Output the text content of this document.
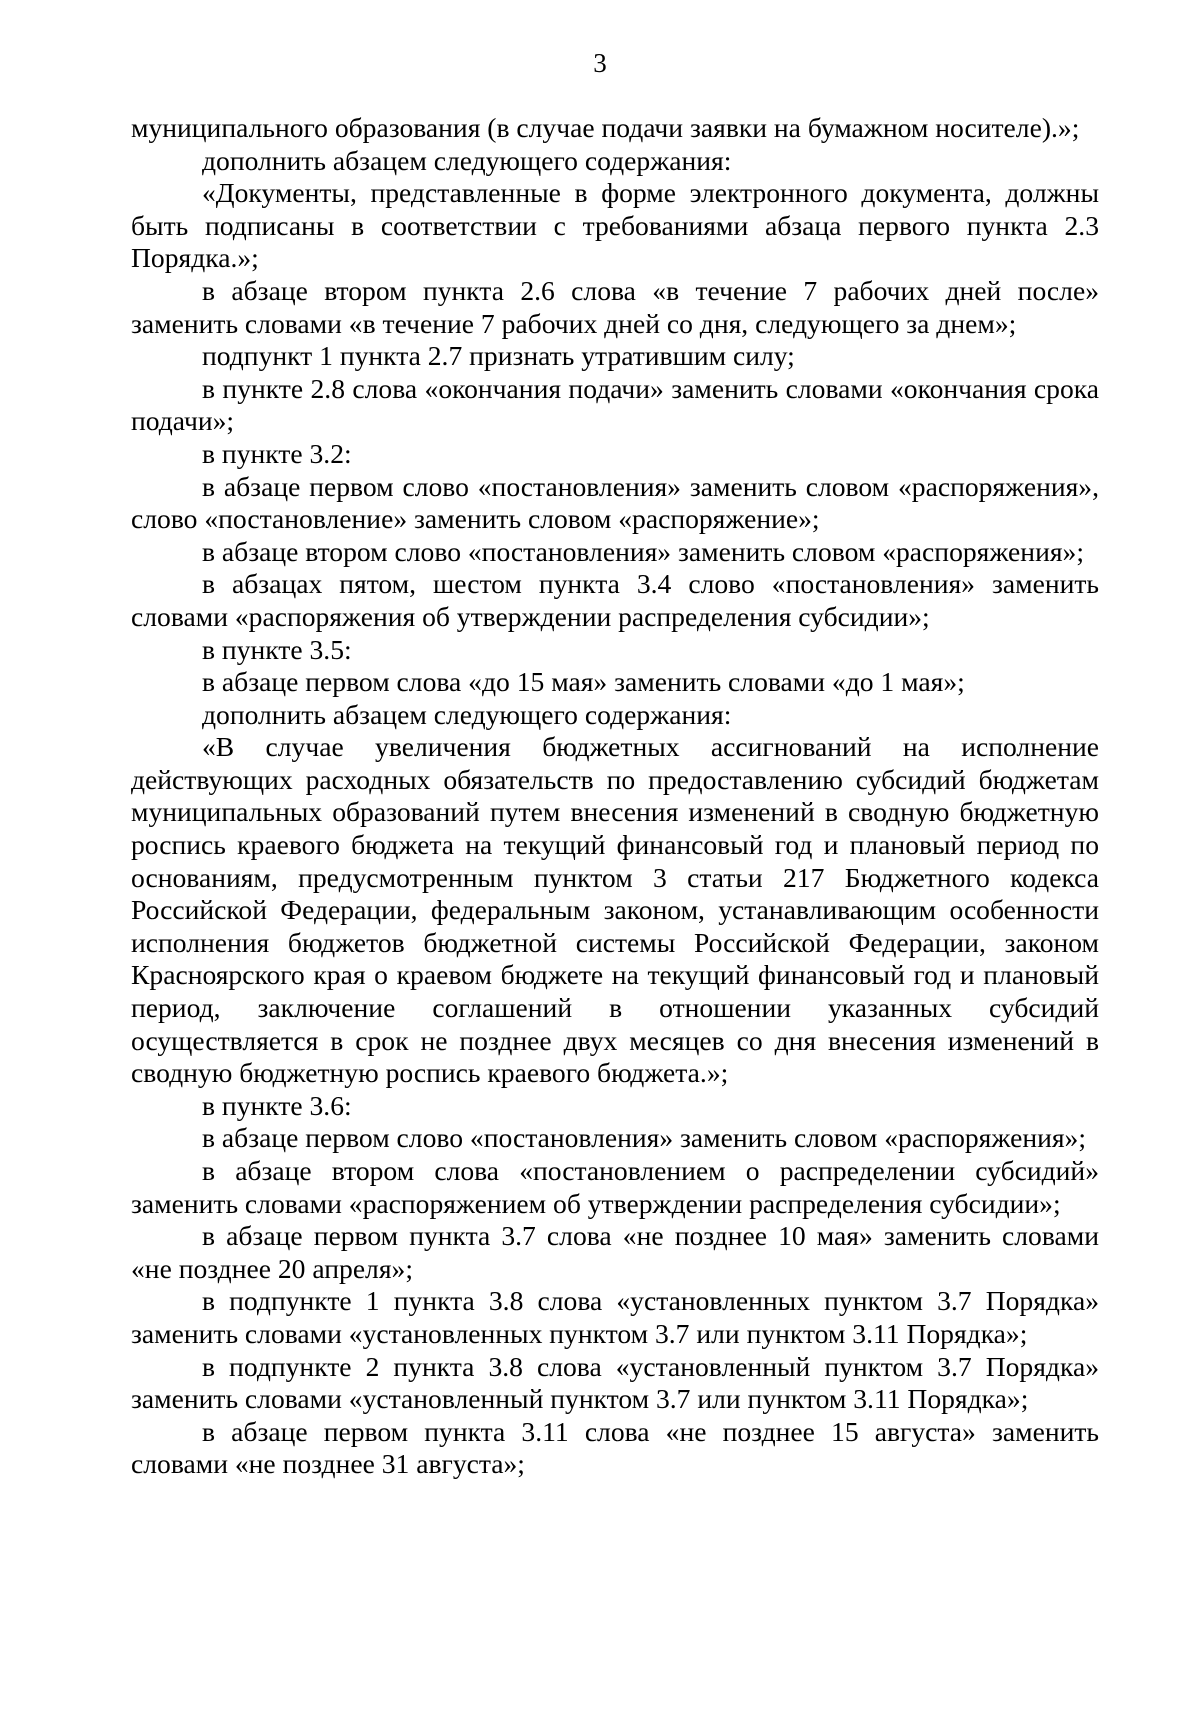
3

муниципального образования (в случае подачи заявки на бумажном носителе).»;

дополнить абзацем следующего содержания:

«Документы, представленные в форме электронного документа, должны быть подписаны в соответствии с требованиями абзаца первого пункта 2.3 Порядка.»;

в абзаце втором пункта 2.6 слова «в течение 7 рабочих дней после» заменить словами «в течение 7 рабочих дней со дня, следующего за днем»;

подпункт 1 пункта 2.7 признать утратившим силу;

в пункте 2.8 слова «окончания подачи» заменить словами «окончания срока подачи»;

в пункте 3.2:

в абзаце первом слово «постановления» заменить словом «распоряжения», слово «постановление» заменить словом «распоряжение»;

в абзаце втором слово «постановления» заменить словом «распоряжения»;

в абзацах пятом, шестом пункта 3.4 слово «постановления» заменить словами «распоряжения об утверждении распределения субсидии»;

в пункте 3.5:

в абзаце первом слова «до 15 мая» заменить словами «до 1 мая»;

дополнить абзацем следующего содержания:

«В случае увеличения бюджетных ассигнований на исполнение действующих расходных обязательств по предоставлению субсидий бюджетам муниципальных образований путем внесения изменений в сводную бюджетную роспись краевого бюджета на текущий финансовый год и плановый период по основаниям, предусмотренным пунктом 3 статьи 217 Бюджетного кодекса Российской Федерации, федеральным законом, устанавливающим особенности исполнения бюджетов бюджетной системы Российской Федерации, законом Красноярского края о краевом бюджете на текущий финансовый год и плановый период, заключение соглашений в отношении указанных субсидий осуществляется в срок не позднее двух месяцев со дня внесения изменений в сводную бюджетную роспись краевого бюджета.»;

в пункте 3.6:

в абзаце первом слово «постановления» заменить словом «распоряжения»;

в абзаце втором слова «постановлением о распределении субсидий» заменить словами «распоряжением об утверждении распределения субсидии»;

в абзаце первом пункта 3.7 слова «не позднее 10 мая» заменить словами «не позднее 20 апреля»;

в подпункте 1 пункта 3.8 слова «установленных пунктом 3.7 Порядка» заменить словами «установленных пунктом 3.7 или пунктом 3.11 Порядка»;

в подпункте 2 пункта 3.8 слова «установленный пунктом 3.7 Порядка» заменить словами «установленный пунктом 3.7 или пунктом 3.11 Порядка»;

в абзаце первом пункта 3.11 слова «не позднее 15 августа» заменить словами «не позднее 31 августа»;
